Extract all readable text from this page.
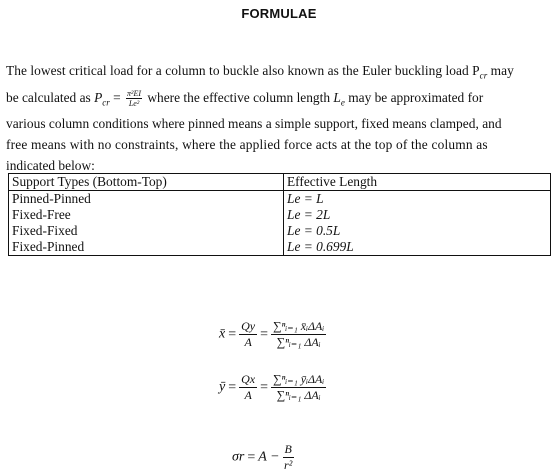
FORMULAE
The lowest critical load for a column to buckle also known as the Euler buckling load $P_{cr}$ may
be calculated as $P_{cr} = \frac{\text{π²EI}}{\text{Le²}}$ where the effective column length $L_e$ may be approximated for
various column conditions where pinned means a simple support, fixed means clamped, and
free means with no constraints, where the applied force acts at the top of the column as
indicated below:
Support Types (Bottom-Top)	Effective Length
Pinned-Pinned	Le = L
Fixed-Free	Le = 2L
Fixed-Fixed	Le = 0.5L
Fixed-Pinned	Le = 0.699L
x̄ = $\frac{Qy}{A}$ =
∑ⁿᵢ₌₁ x̄ᵢΔAᵢ
∑ⁿᵢ₌₁ ΔAᵢ
ȳ = $\frac{Qx}{A}$ =
∑ⁿᵢ₌₁ ȳᵢΔAᵢ
∑ⁿᵢ₌₁ ΔAᵢ
$\sigma r = A - \frac{B}{\text{r²}}$
